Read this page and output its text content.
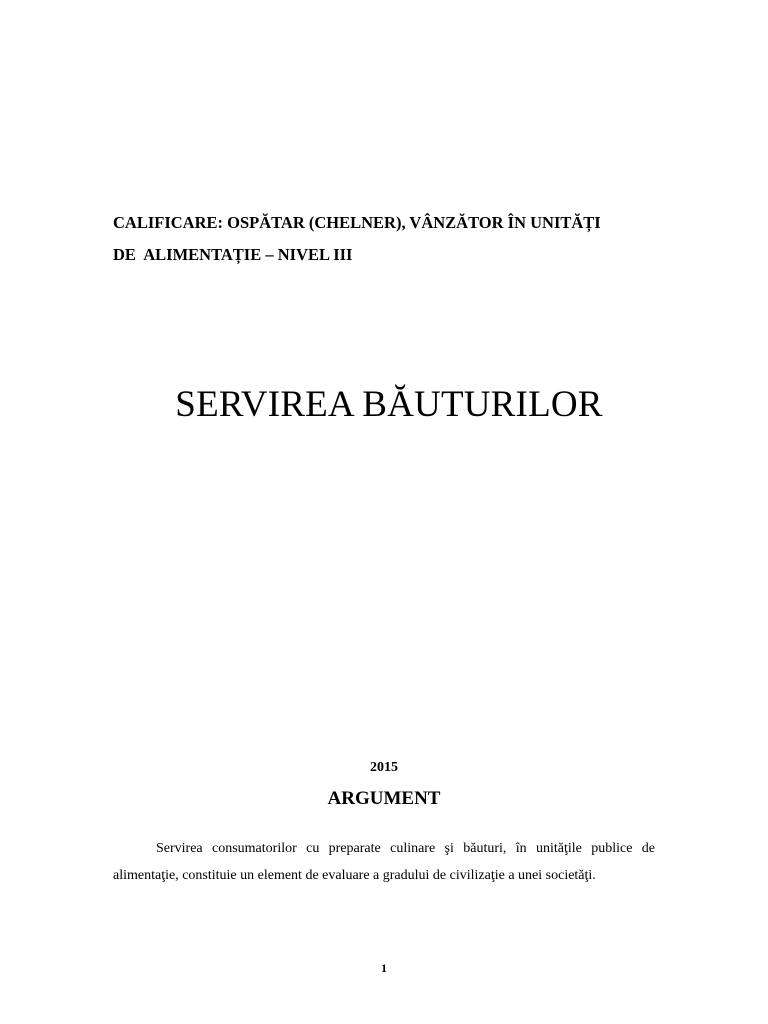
CALIFICARE: OSPĂTAR (CHELNER), VÂNZĂTOR ÎN UNITĂȚI
DE  ALIMENTAȚIE – NIVEL III
SERVIREA BĂUTURILOR
2015
ARGUMENT

Servirea consumatorilor cu preparate culinare şi băuturi, în unităţile publice de alimentaţie, constituie un element de evaluare a gradului de civilizaţie a unei societăţi.

1
